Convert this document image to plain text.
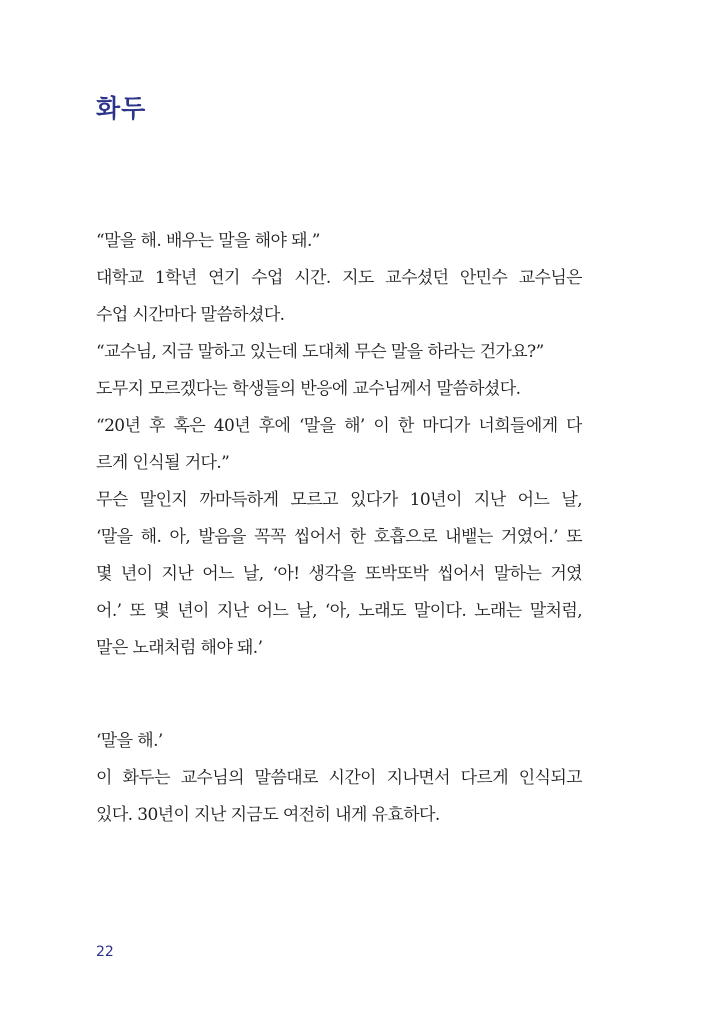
화두
“말을 해. 배우는 말을 해야 돼.”
대학교 1학년 연기 수업 시간. 지도 교수셨던 안민수 교수님은
수업 시간마다 말씀하셨다.
“교수님, 지금 말하고 있는데 도대체 무슨 말을 하라는 건가요?”
도무지 모르겠다는 학생들의 반응에 교수님께서 말씀하셨다.
“20년 후 혹은 40년 후에 ‘말을 해’ 이 한 마디가 너희들에게 다
르게 인식될 거다.”
무슨 말인지 까마득하게 모르고 있다가 10년이 지난 어느 날,
‘말을 해. 아, 발음을 꼭꼭 씹어서 한 호흡으로 내뱉는 거였어.’ 또
몇 년이 지난 어느 날, ‘아! 생각을 또박또박 씹어서 말하는 거였
어.’ 또 몇 년이 지난 어느 날, ‘아, 노래도 말이다. 노래는 말처럼,
말은 노래처럼 해야 돼.’
‘말을 해.’
이 화두는 교수님의 말씀대로 시간이 지나면서 다르게 인식되고
있다. 30년이 지난 지금도 여전히 내게 유효하다.
22
